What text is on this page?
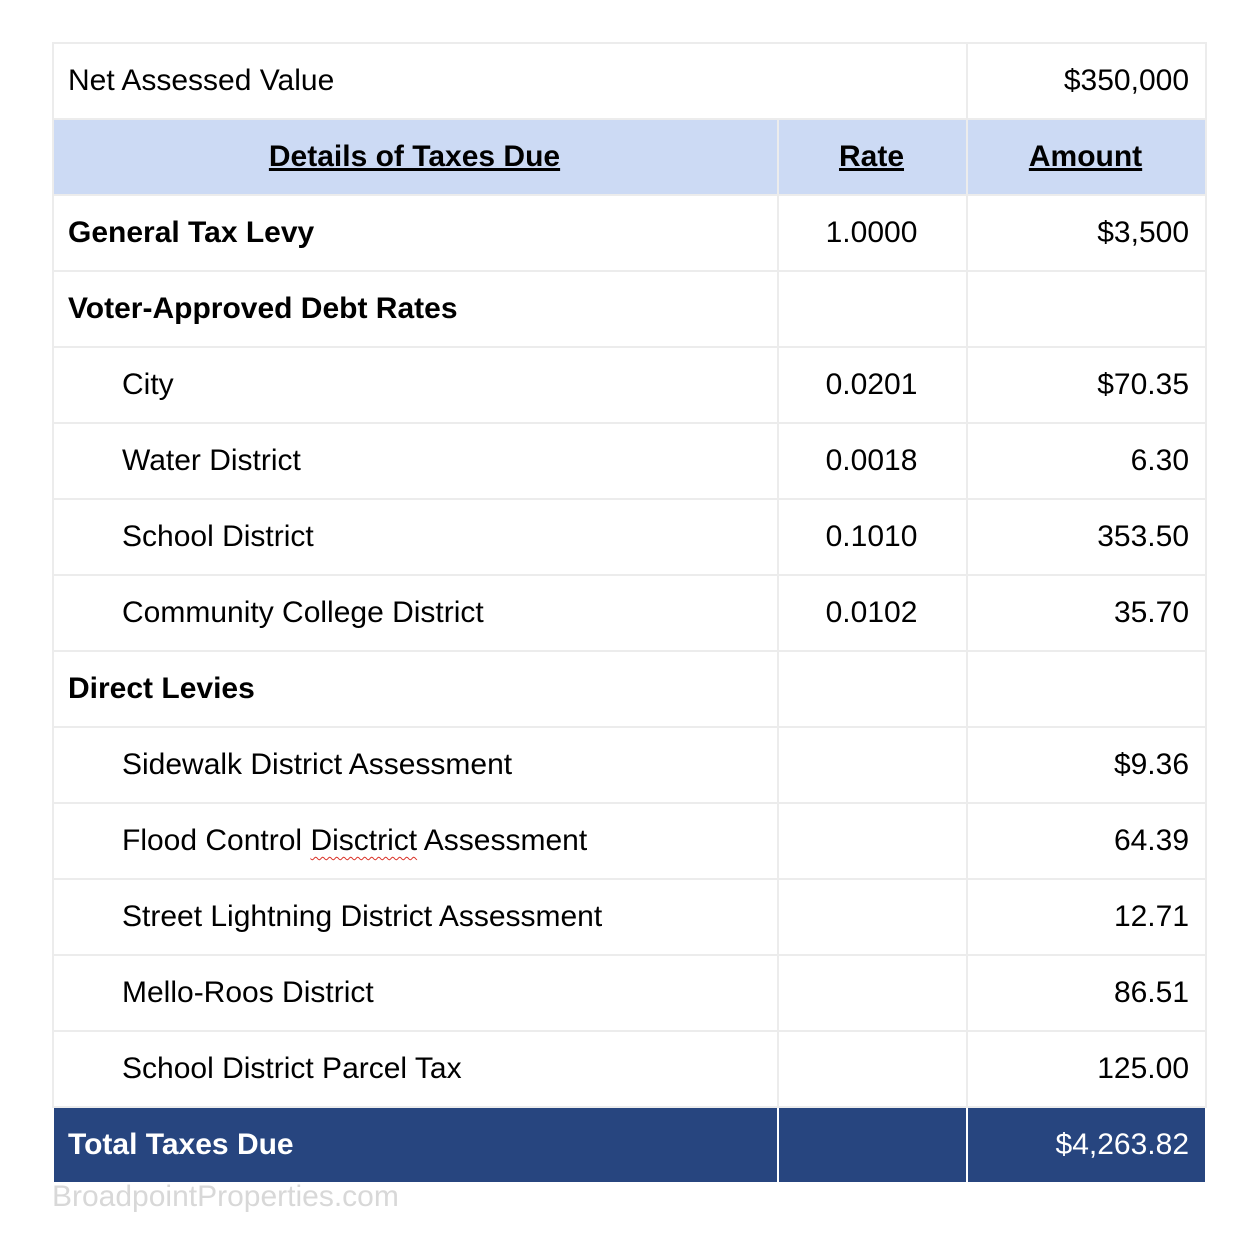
Net Assessed Value		$350,000
Details of Taxes Due	Rate	Amount
General Tax Levy	1.0000	$3,500
Voter-Approved Debt Rates		
City	0.0201	$70.35
Water District	0.0018	6.30
School District	0.1010	353.50
Community College District	0.0102	35.70
Direct Levies		
Sidewalk District Assessment		$9.36
Flood Control Disctrict Assessment		64.39
Street Lightning District Assessment		12.71
Mello-Roos District		86.51
School District Parcel Tax		125.00
Total Taxes Due		$4,263.82
BroadpointProperties.com
